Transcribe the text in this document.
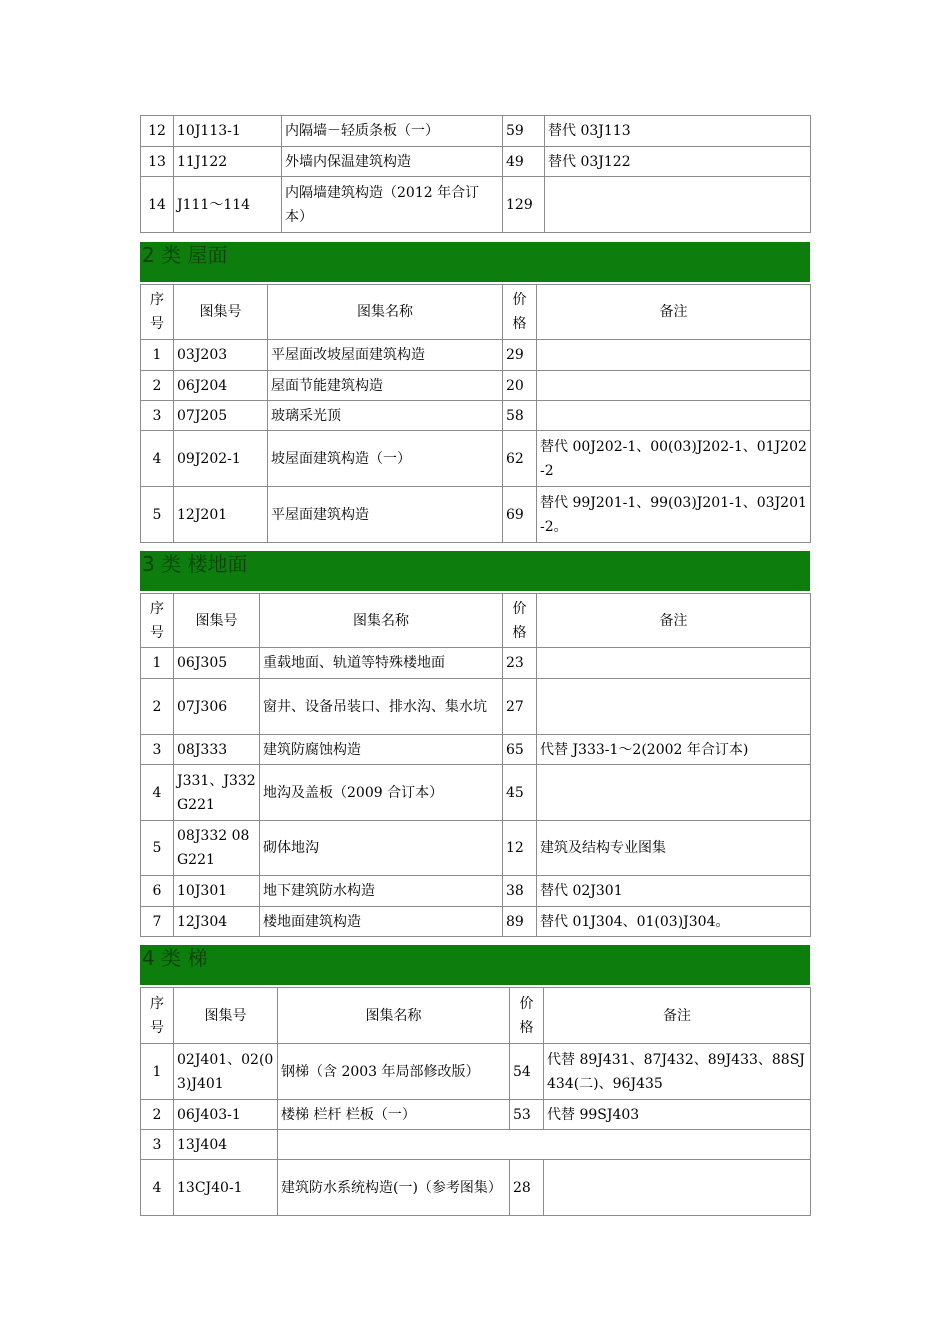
12	10J113-1	内隔墙－轻质条板（一）	59	替代 03J113
13	11J122	外墙内保温建筑构造	49	替代 03J122
14	J111～114	内隔墙建筑构造（2012 年合订本）	129	
2 类 屋面
序号	图集号	图集名称	价格	备注
1	03J203	平屋面改坡屋面建筑构造	29	
2	06J204	屋面节能建筑构造	20	
3	07J205	玻璃采光顶	58	
4	09J202-1	坡屋面建筑构造（一）	62	替代 00J202-1、00(03)J202-1、01J202-2
5	12J201	平屋面建筑构造	69	替代 99J201-1、99(03)J201-1、03J201-2。
3 类 楼地面
序号	图集号	图集名称	价格	备注
1	06J305	重载地面、轨道等特殊楼地面	23	
2	07J306	窗井、设备吊装口、排水沟、集水坑	27	
3	08J333	建筑防腐蚀构造	65	代替 J333-1～2(2002 年合订本)
4	J331、J332 G221	地沟及盖板（2009 合订本）	45	
5	08J332 08G221	砌体地沟	12	建筑及结构专业图集
6	10J301	地下建筑防水构造	38	替代 02J301
7	12J304	楼地面建筑构造	89	替代 01J304、01(03)J304。
4 类 梯
序号	图集号	图集名称	价格	备注
1	02J401、02(03)J401	钢梯（含 2003 年局部修改版）	54	代替 89J431、87J432、89J433、88SJ434(二)、96J435
2	06J403-1	楼梯 栏杆 栏板（一）	53	代替 99SJ403
3	13J404			
4	13CJ40-1	建筑防水系统构造(一)（参考图集）	28	
